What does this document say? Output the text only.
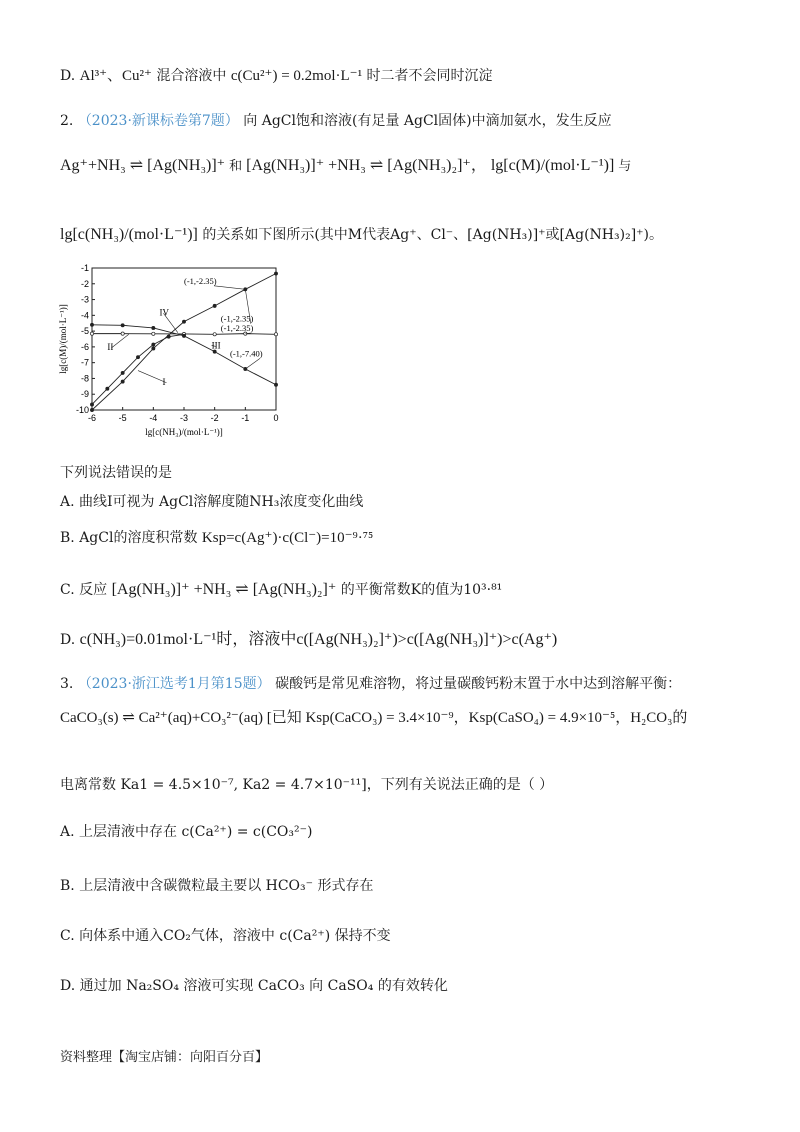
D. Al³⁺、Cu²⁺ 混合溶液中 c(Cu²⁺) = 0.2mol·L⁻¹ 时二者不会同时沉淀
2. （2023·新课标卷第7题） 向 AgCl饱和溶液(有足量 AgCl固体)中滴加氨水，发生反应
Ag⁺+NH₃ ⇌ [Ag(NH₃)]⁺ 和 [Ag(NH₃)]⁺ +NH₃ ⇌ [Ag(NH₃)₂]⁺， lg[c(M)/(mol·L⁻¹)] 与
lg[c(NH₃)/(mol·L⁻¹)] 的关系如下图所示(其中M代表Ag⁺、Cl⁻、[Ag(NH₃)]⁺或[Ag(NH₃)₂]⁺)。
-6	-5	-4	-3	-2	-1	0
-1
-2
-3
-4
-5
-6
-7
-8
-9
-10
lg[c(NH₃)/(mol·L⁻¹)]
lg[c(M)/(mol·L⁻¹)]
I
II	III
IV
(-1,-2.35)
(-1,-2.35)
(-1,-2.35)
(-1,-7.40)
下列说法错误的是
A. 曲线I可视为 AgCl溶解度随NH₃浓度变化曲线
B. AgCl的溶度积常数 Ksp=c(Ag⁺)·c(Cl⁻)=10⁻⁹·⁷⁵
C. 反应 [Ag(NH₃)]⁺ +NH₃ ⇌ [Ag(NH₃)₂]⁺ 的平衡常数K的值为10³·⁸¹
D. c(NH₃)=0.01mol·L⁻¹时，溶液中c([Ag(NH₃)₂]⁺)>c([Ag(NH₃)]⁺)>c(Ag⁺)
3. （2023·浙江选考1月第15题） 碳酸钙是常见难溶物，将过量碳酸钙粉末置于水中达到溶解平衡：
CaCO₃(s) ⇌ Ca²⁺(aq)+CO₃²⁻(aq) [已知 Ksp(CaCO₃) = 3.4×10⁻⁹，Ksp(CaSO₄) = 4.9×10⁻⁵，H₂CO₃的
电离常数 Ka1 = 4.5×10⁻⁷, Ka2 = 4.7×10⁻¹¹]，下列有关说法正确的是（ ）
A. 上层清液中存在 c(Ca²⁺) = c(CO₃²⁻)
B. 上层清液中含碳微粒最主要以 HCO₃⁻ 形式存在
C. 向体系中通入CO₂气体，溶液中 c(Ca²⁺) 保持不变
D. 通过加 Na₂SO₄ 溶液可实现 CaCO₃ 向 CaSO₄ 的有效转化
资料整理【淘宝店铺：向阳百分百】
